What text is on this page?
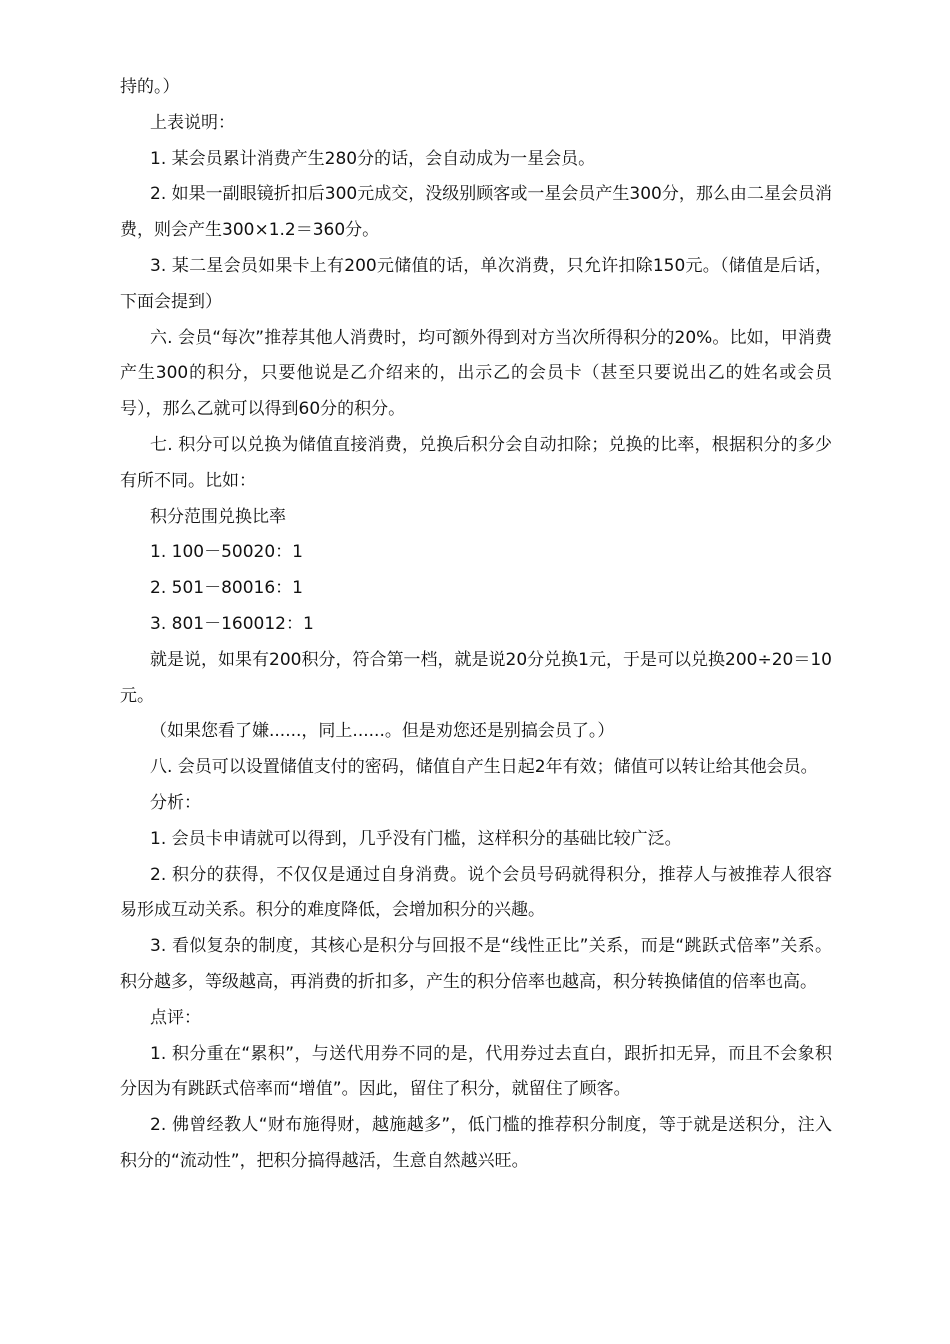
持的。）

上表说明：

1. 某会员累计消费产生280分的话，会自动成为一星会员。

2. 如果一副眼镜折扣后300元成交，没级别顾客或一星会员产生300分，那么由二星会员消费，则会产生300×1.2＝360分。

3. 某二星会员如果卡上有200元储值的话，单次消费，只允许扣除150元。（储值是后话，下面会提到）

六. 会员“每次”推荐其他人消费时，均可额外得到对方当次所得积分的20%。比如，甲消费产生300的积分，只要他说是乙介绍来的，出示乙的会员卡（甚至只要说出乙的姓名或会员号），那么乙就可以得到60分的积分。

七. 积分可以兑换为储值直接消费，兑换后积分会自动扣除；兑换的比率，根据积分的多少有所不同。比如：

积分范围兑换比率

1. 100－50020：1

2. 501－80016：1

3. 801－160012：1

就是说，如果有200积分，符合第一档，就是说20分兑换1元，于是可以兑换200÷20＝10元。

（如果您看了嫌......，同上......。但是劝您还是别搞会员了。）

八. 会员可以设置储值支付的密码，储值自产生日起2年有效；储值可以转让给其他会员。

分析：

1. 会员卡申请就可以得到，几乎没有门槛，这样积分的基础比较广泛。

2. 积分的获得，不仅仅是通过自身消费。说个会员号码就得积分，推荐人与被推荐人很容易形成互动关系。积分的难度降低，会增加积分的兴趣。

3. 看似复杂的制度，其核心是积分与回报不是“线性正比”关系，而是“跳跃式倍率”关系。积分越多，等级越高，再消费的折扣多，产生的积分倍率也越高，积分转换储值的倍率也高。

点评：

1. 积分重在“累积”，与送代用券不同的是，代用券过去直白，跟折扣无异，而且不会象积分因为有跳跃式倍率而“增值”。因此，留住了积分，就留住了顾客。

2. 佛曾经教人“财布施得财，越施越多”，低门槛的推荐积分制度，等于就是送积分，注入积分的“流动性”，把积分搞得越活，生意自然越兴旺。
